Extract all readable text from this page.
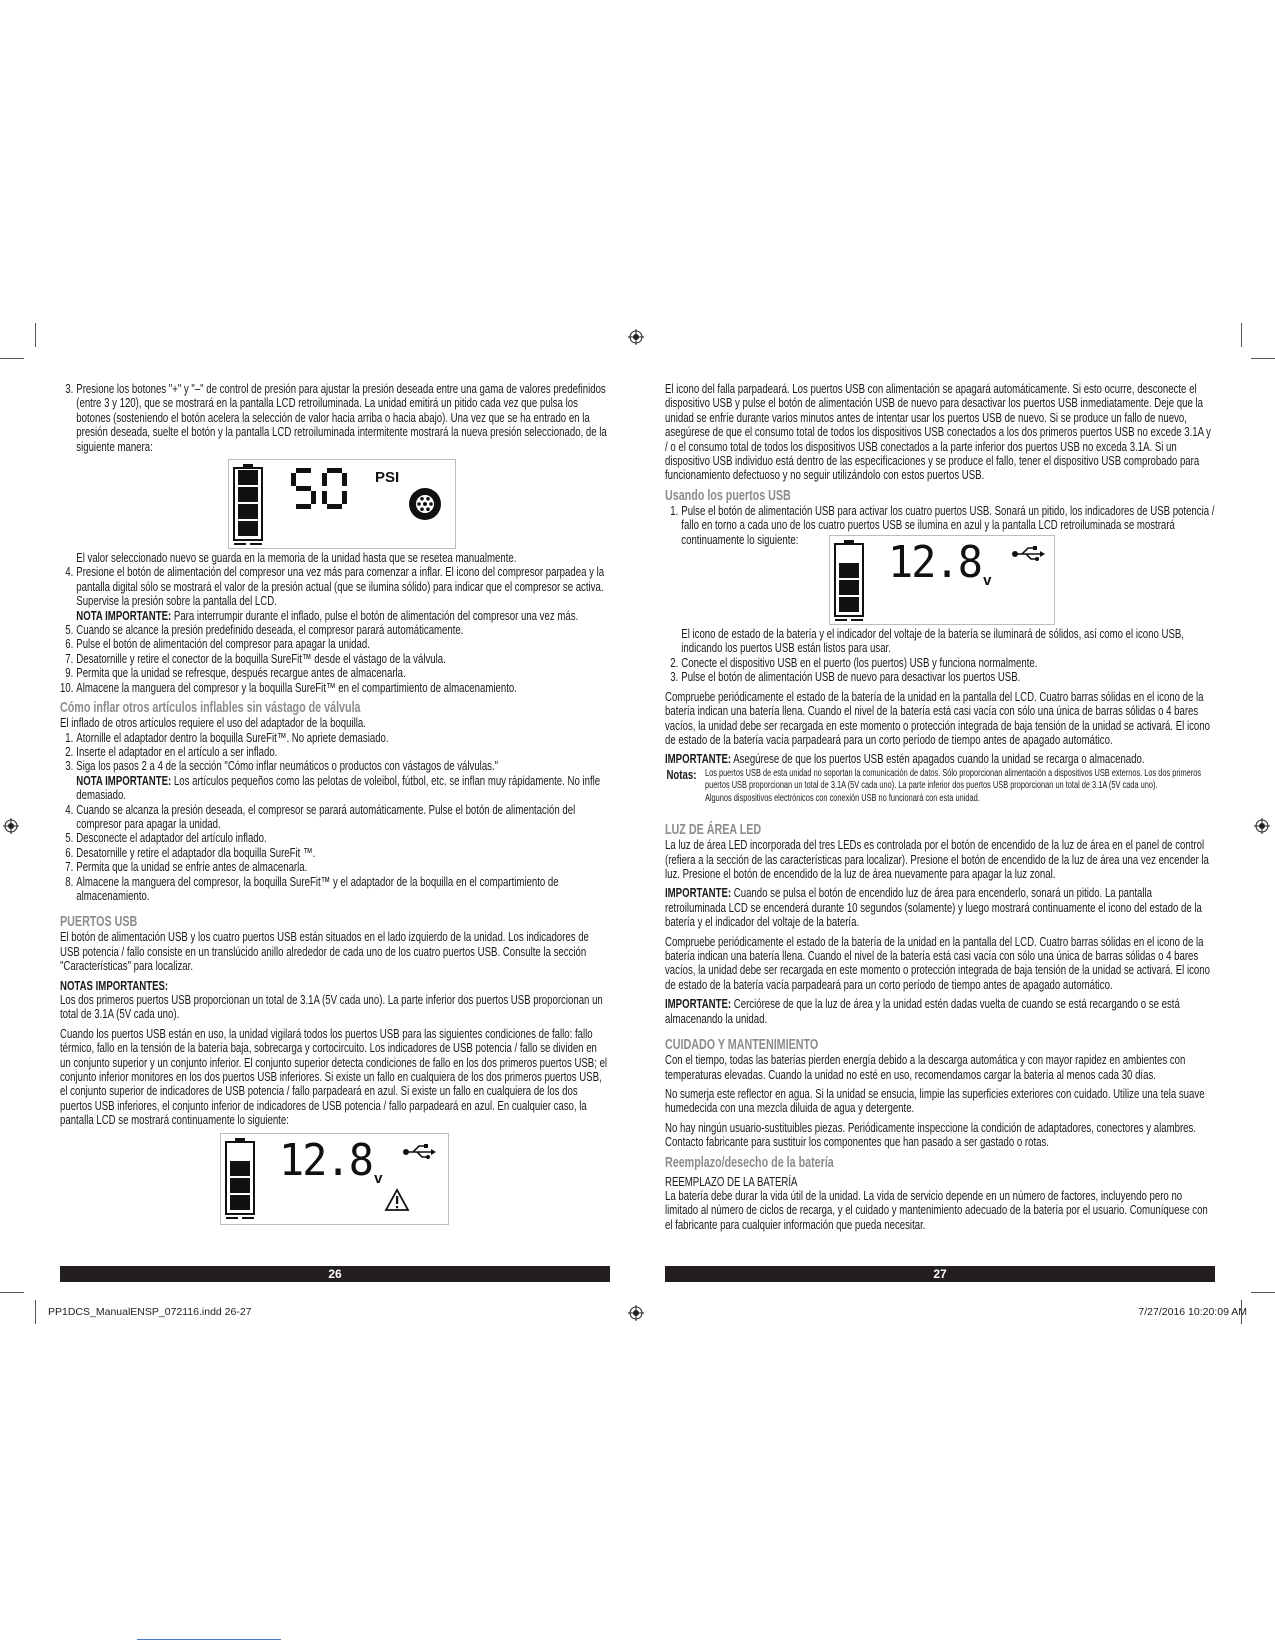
3. Presione los botones "+" y "–" de control de presión para ajustar la presión deseada entre una gama de valores predefinidos (entre 3 y 120), que se mostrará en la pantalla LCD retroiluminada. La unidad emitirá un pitido cada vez que pulsa los botones (sosteniendo el botón acelera la selección de valor hacia arriba o hacia abajo). Una vez que se ha entrado en la presión deseada, suelte el botón y la pantalla LCD retroiluminada intermitente mostrará la nueva presión seleccionado, de la siguiente manera:
PSI
El valor seleccionado nuevo se guarda en la memoria de la unidad hasta que se resetea manualmente.
4. Presione el botón de alimentación del compresor una vez más para comenzar a inflar. El icono del compresor parpadea y la pantalla digital sólo se mostrará el valor de la presión actual (que se ilumina sólido) para indicar que el compresor se activa. Supervise la presión sobre la pantalla del LCD.
NOTA IMPORTANTE: Para interrumpir durante el inflado, pulse el botón de alimentación del compresor una vez más.
5. Cuando se alcance la presión predefinido deseada, el compresor parará automáticamente.
6. Pulse el botón de alimentación del compresor para apagar la unidad.
7. Desatornille y retire el conector de la boquilla SureFit™ desde el vástago de la válvula.
9. Permita que la unidad se refresque, después recargue antes de almacenarla.
10. Almacene la manguera del compresor y la boquilla SureFit™ en el compartimiento de almacenamiento.
Cómo inflar otros artículos inflables sin vástago de válvula
El inflado de otros artículos requiere el uso del adaptador de la boquilla.
1. Atornille el adaptador dentro la boquilla SureFit™. No apriete demasiado.
2. Inserte el adaptador en el artículo a ser inflado.
3. Siga los pasos 2 a 4 de la sección "Cómo inflar neumáticos o productos con vástagos de válvulas."
NOTA IMPORTANTE: Los artículos pequeños como las pelotas de voleibol, fútbol, etc. se inflan muy rápidamente. No infle demasiado.
4. Cuando se alcanza la presión deseada, el compresor se parará automáticamente. Pulse el botón de alimentación del compresor para apagar la unidad.
5. Desconecte el adaptador del artículo inflado.
6. Desatornille y retire el adaptador dla boquilla SureFit ™.
7. Permita que la unidad se enfríe antes de almacenarla.
8. Almacene la manguera del compresor, la boquilla SureFit™ y el adaptador de la boquilla en el compartimiento de almacenamiento.
PUERTOS USB
El botón de alimentación USB y los cuatro puertos USB están situados en el lado izquierdo de la unidad. Los indicadores de USB potencia / fallo consiste en un translúcido anillo alrededor de cada uno de los cuatro puertos USB. Consulte la sección "Características" para localizar.
NOTAS IMPORTANTES:
Los dos primeros puertos USB proporcionan un total de 3.1A (5V cada uno). La parte inferior dos puertos USB proporcionan un total de 3.1A (5V cada uno).
Cuando los puertos USB están en uso, la unidad vigilará todos los puertos USB para las siguientes condiciones de fallo: fallo térmico, fallo en la tensión de la batería baja, sobrecarga y cortocircuito. Los indicadores de USB potencia / fallo se dividen en un conjunto superior y un conjunto inferior. El conjunto superior detecta condiciones de fallo en los dos primeros puertos USB; el conjunto inferior monitores en los dos puertos USB inferiores. Si existe un fallo en cualquiera de los dos primeros puertos USB, el conjunto superior de indicadores de USB potencia / fallo parpadeará en azul. Si existe un fallo en cualquiera de los dos puertos USB inferiores, el conjunto inferior de indicadores de USB potencia / fallo parpadeará en azul. En cualquier caso, la pantalla LCD se mostrará continuamente lo siguiente:
v
12.8
El icono del falla parpadeará. Los puertos USB con alimentación se apagará automáticamente. Si esto ocurre, desconecte el dispositivo USB y pulse el botón de alimentación USB de nuevo para desactivar los puertos USB inmediatamente. Deje que la unidad se enfríe durante varios minutos antes de intentar usar los puertos USB de nuevo. Si se produce un fallo de nuevo, asegúrese de que el consumo total de todos los dispositivos USB conectados a los dos primeros puertos USB no excede 3.1A y / o el consumo total de todos los dispositivos USB conectados a la parte inferior dos puertos USB no exceda 3.1A. Si un dispositivo USB individuo está dentro de las especificaciones y se produce el fallo, tener el dispositivo USB comprobado para funcionamiento defectuoso y no seguir utilizándolo con estos puertos USB.
Usando los puertos USB
1. Pulse el botón de alimentación USB para activar los cuatro puertos USB. Sonará un pitido, los indicadores de USB potencia / fallo en torno a cada uno de los cuatro puertos USB se ilumina en azul y la pantalla LCD retroiluminada se mostrará continuamente lo siguiente:
v
12.8
El icono de estado de la batería y el indicador del voltaje de la batería se iluminará de sólidos, así como el icono USB, indicando los puertos USB están listos para usar.
2. Conecte el dispositivo USB en el puerto (los puertos) USB y funciona normalmente.
3. Pulse el botón de alimentación USB de nuevo para desactivar los puertos USB.
Compruebe periódicamente el estado de la batería de la unidad en la pantalla del LCD. Cuatro barras sólidas en el icono de la batería indican una batería llena. Cuando el nivel de la batería está casi vacía con sólo una única de barras sólidas o 4 bares vacíos, la unidad debe ser recargada en este momento o protección integrada de baja tensión de la unidad se activará. El icono de estado de la batería vacía parpadeará para un corto período de tiempo antes de apagado automático.
IMPORTANTE: Asegúrese de que los puertos USB estén apagados cuando la unidad se recarga o almacenado.
Notas: Los puertos USB de esta unidad no soportan la comunicación de datos. Sólo proporcionan alimentación a dispositivos USB externos. Los dos primeros puertos USB proporcionan un total de 3.1A (5V cada uno). La parte inferior dos puertos USB proporcionan un total de 3.1A (5V cada uno).
Algunos dispositivos electrónicos con conexión USB no funcionará con esta unidad.
LUZ DE ÁREA LED
La luz de área LED incorporada del tres LEDs es controlada por el botón de encendido de la luz de área en el panel de control (refiera a la sección de las características para localizar). Presione el botón de encendido de la luz de área una vez encender la luz. Presione el botón de encendido de la luz de área nuevamente para apagar la luz zonal.
IMPORTANTE: Cuando se pulsa el botón de encendido luz de área para encenderlo, sonará un pitido. La pantalla retroiluminada LCD se encenderá durante 10 segundos (solamente) y luego mostrará continuamente el icono del estado de la batería y el indicador del voltaje de la batería.
Compruebe periódicamente el estado de la batería de la unidad en la pantalla del LCD. Cuatro barras sólidas en el icono de la batería indican una batería llena. Cuando el nivel de la batería está casi vacía con sólo una única de barras sólidas o 4 bares vacíos, la unidad debe ser recargada en este momento o protección integrada de baja tensión de la unidad se activará. El icono de estado de la batería vacía parpadeará para un corto período de tiempo antes de apagado automático.
IMPORTANTE: Cerciórese de que la luz de área y la unidad estén dadas vuelta de cuando se está recargando o se está almacenando la unidad.
CUIDADO Y MANTENIMIENTO
Con el tiempo, todas las baterías pierden energía debido a la descarga automática y con mayor rapidez en ambientes con temperaturas elevadas. Cuando la unidad no esté en uso, recomendamos cargar la batería al menos cada 30 días.
No sumerja este reflector en agua. Si la unidad se ensucia, limpie las superficies exteriores con cuidado. Utilize una tela suave humedecida con una mezcla diluida de agua y detergente.
No hay ningún usuario-sustituibles piezas. Periódicamente inspeccione la condición de adaptadores, conectores y alambres. Contacto fabricante para sustituir los componentes que han pasado a ser gastado o rotas.
Reemplazo/desecho de la batería
REEMPLAZO DE LA BATERÍA
La batería debe durar la vida útil de la unidad. La vida de servicio depende en un número de factores, incluyendo pero no limitado al número de ciclos de recarga, y el cuidado y mantenimiento adecuado de la batería por el usuario. Comuníquese con el fabricante para cualquier información que pueda necesitar.
26	27
PP1DCS_ManualENSP_072116.indd 26-27	7/27/2016 10:20:09 AM
